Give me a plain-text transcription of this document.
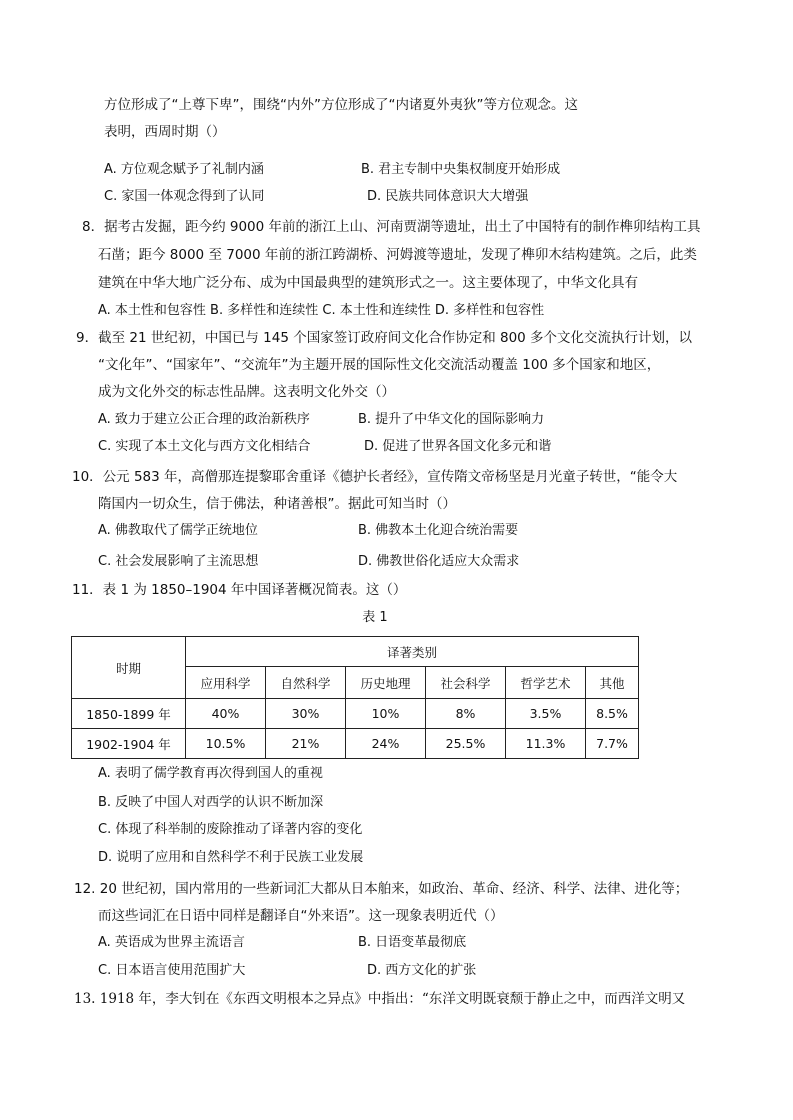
方位形成了“上尊下卑”，围绕“内外”方位形成了“内诸夏外夷狄”等方位观念。这
表明，西周时期（）
A. 方位观念赋予了礼制内涵	B. 君主专制中央集权制度开始形成
C. 家国一体观念得到了认同	D. 民族共同体意识大大增强
8．据考古发掘，距今约 9000 年前的浙江上山、河南贾湖等遗址，出土了中国特有的制作榫卯结构工具
石凿；距今 8000 至 7000 年前的浙江跨湖桥、河姆渡等遗址，发现了榫卯木结构建筑。之后，此类
建筑在中华大地广泛分布、成为中国最典型的建筑形式之一。这主要体现了，中华文化具有
A. 本土性和包容性 B. 多样性和连续性 C. 本土性和连续性 D. 多样性和包容性
9．截至 21 世纪初，中国已与 145 个国家签订政府间文化合作协定和 800 多个文化交流执行计划，以
“文化年”、“国家年”、“交流年”为主题开展的国际性文化交流活动覆盖 100 多个国家和地区，
成为文化外交的标志性品牌。这表明文化外交（）
A. 致力于建立公正合理的政治新秩序	B. 提升了中华文化的国际影响力
C. 实现了本土文化与西方文化相结合	D. 促进了世界各国文化多元和谐
10．公元 583 年，高僧那连提黎耶舍重译《德护长者经》，宣传隋文帝杨坚是月光童子转世，“能令大
隋国内一切众生，信于佛法，种诸善根”。据此可知当时（）
A. 佛教取代了儒学正统地位	B. 佛教本土化迎合统治需要
C. 社会发展影响了主流思想	D. 佛教世俗化适应大众需求
11．表 1 为 1850–1904 年中国译著概况简表。这（）
表 1
时期	译著类别					
	应用科学	自然科学	历史地理	社会科学	哲学艺术	其他
1850-1899 年	40%	30%	10%	8%	3.5%	8.5%
1902-1904 年	10.5%	21%	24%	25.5%	11.3%	7.7%
A. 表明了儒学教育再次得到国人的重视
B. 反映了中国人对西学的认识不断加深
C. 体现了科举制的废除推动了译著内容的变化
D. 说明了应用和自然科学不利于民族工业发展
12. 20 世纪初，国内常用的一些新词汇大都从日本舶来，如政治、革命、经济、科学、法律、进化等；
而这些词汇在日语中同样是翻译自“外来语”。这一现象表明近代（）
A. 英语成为世界主流语言	B. 日语变革最彻底
C. 日本语言使用范围扩大	D. 西方文化的扩张
13. 1918 年，李大钊在《东西文明根本之异点》中指出：“东洋文明既衰颓于静止之中，而西洋文明又
